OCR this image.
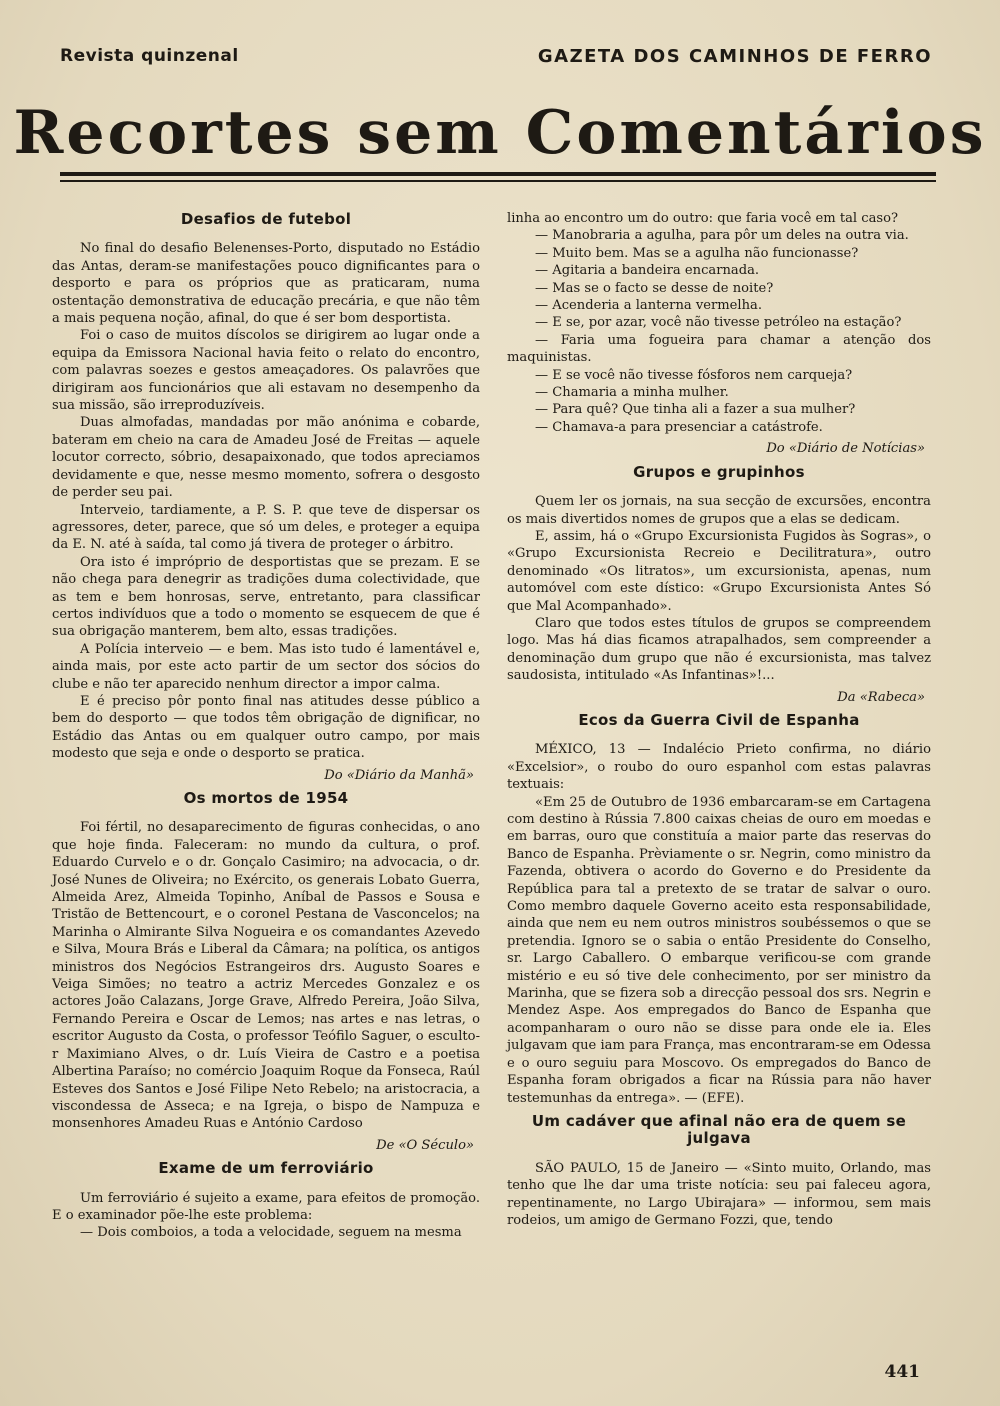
Revista quinzenal	GAZETA DOS CAMINHOS DE FERRO
Recortes sem Comentários
Desafios de futebol

No final do desafio Belenenses-Porto, disputado no Estádio das Antas, deram-se manifestações pouco dignificantes para o desporto e para os próprios que as praticaram, numa ostentação demonstrativa de educação precária, e que não têm a mais pequena noção, afinal, do que é ser bom desportista.

Foi o caso de muitos díscolos se dirigirem ao lugar onde a equipa da Emissora Nacional havia feito o relato do encontro, com palavras soezes e gestos ameaçadores. Os palavrões que dirigiram aos funcionários que ali estavam no desempenho da sua missão, são irreproduzíveis.

Duas almofadas, mandadas por mão anónima e cobarde, bateram em cheio na cara de Amadeu José de Freitas — aquele locutor correcto, sóbrio, desapaixonado, que todos apreciamos devidamente e que, nesse mesmo momento, sofrera o desgosto de perder seu pai.

Interveio, tardiamente, a P. S. P. que teve de dispersar os agressores, deter, parece, que só um deles, e proteger a equipa da E. N. até à saída, tal como já tivera de proteger o árbitro.

Ora isto é impróprio de desportistas que se prezam. E se não chega para denegrir as tradições duma colectividade, que as tem e bem honrosas, serve, entretanto, para classificar certos indivíduos que a todo o momento se esquecem de que é sua obrigação manterem, bem alto, essas tradições.

A Polícia interveio — e bem. Mas isto tudo é lamentável e, ainda mais, por este acto partir de um sector dos sócios do clube e não ter aparecido nenhum director a impor calma.

E é preciso pôr ponto final nas atitudes desse público a bem do desporto — que todos têm obrigação de dignificar, no Estádio das Antas ou em qualquer outro campo, por mais modesto que seja e onde o desporto se pratica.

Do «Diário da Manhã»
Os mortos de 1954

Foi fértil, no desaparecimento de figuras conhecidas, o ano que hoje finda. Faleceram: no mundo da cultura, o prof. Eduardo Curvelo e o dr. Gonçalo Casimiro; na advocacia, o dr. José Nunes de Oliveira; no Exército, os generais Lobato Guerra, Almeida Arez, Almeida Topinho, Aníbal de Passos e Sousa e Tristão de Bettencourt, e o coronel Pestana de Vasconcelos; na Marinha o Almirante Silva Nogueira e os comandantes Azevedo e Silva, Moura Brás e Liberal da Câmara; na política, os antigos ministros dos Negócios Estrangeiros drs. Augusto Soares e Veiga Simões; no teatro a actriz Mercedes Gonzalez e os actores João Calazans, Jorge Grave, Alfredo Pereira, João Silva, Fernando Pereira e Oscar de Lemos; nas artes e nas letras, o escritor Augusto da Costa, o professor Teófilo Saguer, o escultor Maximiano Alves, o dr. Luís Vieira de Castro e a poetisa Albertina Paraíso; no comércio Joaquim Roque da Fonseca, Raúl Esteves dos Santos e José Filipe Neto Rebelo; na aristocracia, a viscondessa de Asseca; e na Igreja, o bispo de Nampuza e monsenhores Amadeu Ruas e António Cardoso

De «O Século»
Exame de um ferroviário

Um ferroviário é sujeito a exame, para efeitos de promoção. E o examinador põe-lhe este problema:

— Dois comboios, a toda a velocidade, seguem na mesma

linha ao encontro um do outro: que faria você em tal caso?

— Manobraria a agulha, para pôr um deles na outra via.

— Muito bem. Mas se a agulha não funcionasse?

— Agitaria a bandeira encarnada.

— Mas se o facto se desse de noite?

— Acenderia a lanterna vermelha.

— E se, por azar, você não tivesse petróleo na estação?

— Faria uma fogueira para chamar a atenção dos maquinistas.

— E se você não tivesse fósforos nem carqueja?

— Chamaria a minha mulher.

— Para quê? Que tinha ali a fazer a sua mulher?

— Chamava-a para presenciar a catástrofe.

Do «Diário de Notícias»
Grupos e grupinhos

Quem ler os jornais, na sua secção de excursões, encontra os mais divertidos nomes de grupos que a elas se dedicam.

E, assim, há o «Grupo Excursionista Fugidos às Sogras», o «Grupo Excursionista Recreio e Decilitratura», outro denominado «Os litratos», um excursionista, apenas, num automóvel com este dístico: «Grupo Excursionista Antes Só que Mal Acompanhado».

Claro que todos estes títulos de grupos se compreendem logo. Mas há dias ficamos atrapalhados, sem compreender a denominação dum grupo que não é excursionista, mas talvez saudosista, intitulado «As Infantinas»!...

Da «Rabeca»
Ecos da Guerra Civil de Espanha

MÉXICO, 13 — Indalécio Prieto confirma, no diário «Excelsior», o roubo do ouro espanhol com estas palavras textuais:

«Em 25 de Outubro de 1936 embarcaram-se em Cartagena com destino à Rússia 7.800 caixas cheias de ouro em moedas e em barras, ouro que constituía a maior parte das reservas do Banco de Espanha. Prèviamente o sr. Negrin, como ministro da Fazenda, obtivera o acordo do Governo e do Presidente da República para tal a pretexto de se tratar de salvar o ouro. Como membro daquele Governo aceito esta responsabilidade, ainda que nem eu nem outros ministros soubéssemos o que se pretendia. Ignoro se o sabia o então Presidente do Conselho, sr. Largo Caballero. O embarque verificou-se com grande mistério e eu só tive dele conhecimento, por ser ministro da Marinha, que se fizera sob a direcção pessoal dos srs. Negrin e Mendez Aspe. Aos empregados do Banco de Espanha que acompanharam o ouro não se disse para onde ele ia. Eles julgavam que iam para França, mas encontraram-se em Odessa e o ouro seguiu para Moscovo. Os empregados do Banco de Espanha foram obrigados a ficar na Rússia para não haver testemunhas da entrega». — (EFE).

Um cadáver que afinal não era de quem se julgava

SÃO PAULO, 15 de Janeiro — «Sinto muito, Orlando, mas tenho que lhe dar uma triste notícia: seu pai faleceu agora, repentinamente, no Largo Ubirajara» — informou, sem mais rodeios, um amigo de Germano Fozzi, que, tendo

441
